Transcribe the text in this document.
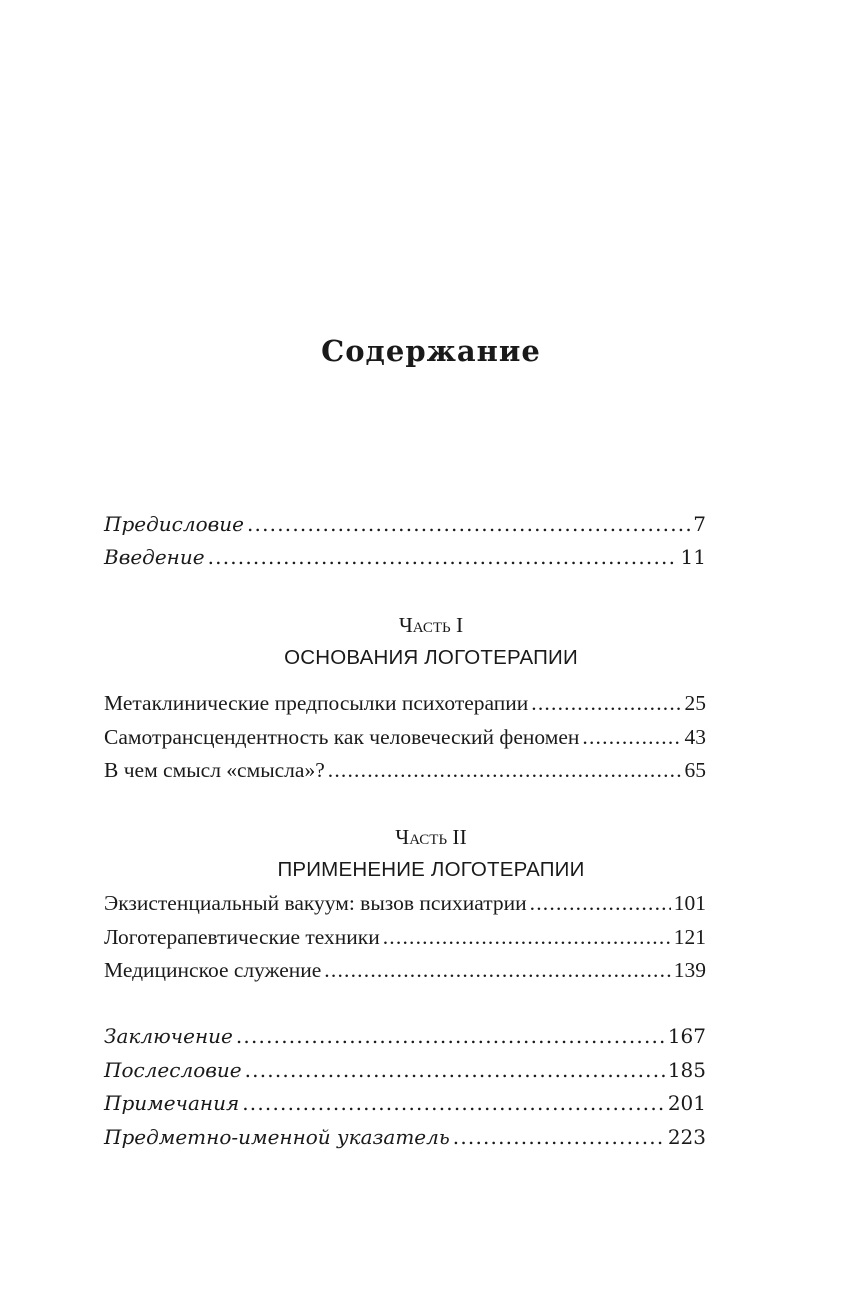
Содержание
Предисловие .....	7
Введение .....	11
Часть I
ОСНОВАНИЯ ЛОГОТЕРАПИИ
Метаклинические предпосылки психотерапии .....	25
Самотрансцендентность как человеческий феномен .....	43
В чем смысл «смысла»? .....	65
Часть II
ПРИМЕНЕНИЕ ЛОГОТЕРАПИИ
Экзистенциальный вакуум: вызов психиатрии .....	101
Логотерапевтические техники .....	121
Медицинское служение .....	139
Заключение .....	167
Послесловие .....	185
Примечания .....	201
Предметно-именной указатель .....	223
